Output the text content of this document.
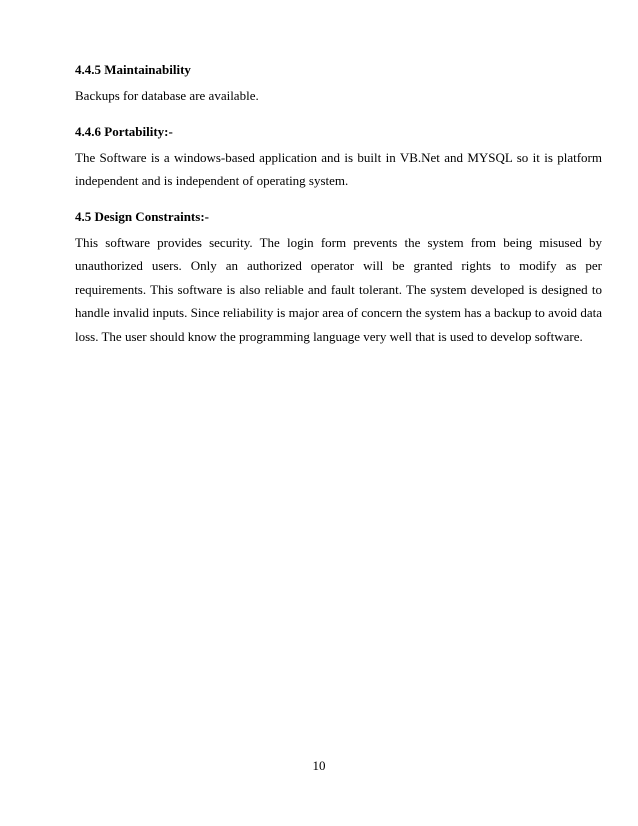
4.4.5 Maintainability

Backups for database are available.

4.4.6 Portability:-

The Software is a windows-based application and is built in VB.Net and MYSQL so it is platform independent and is independent of operating system.

4.5 Design Constraints:-

This software provides security. The login form prevents the system from being misused by unauthorized users. Only an authorized operator will be granted rights to modify as per requirements. This software is also reliable and fault tolerant. The system developed is designed to handle invalid inputs. Since reliability is major area of concern the system has a backup to avoid data loss. The user should know the programming language very well that is used to develop software.

10
